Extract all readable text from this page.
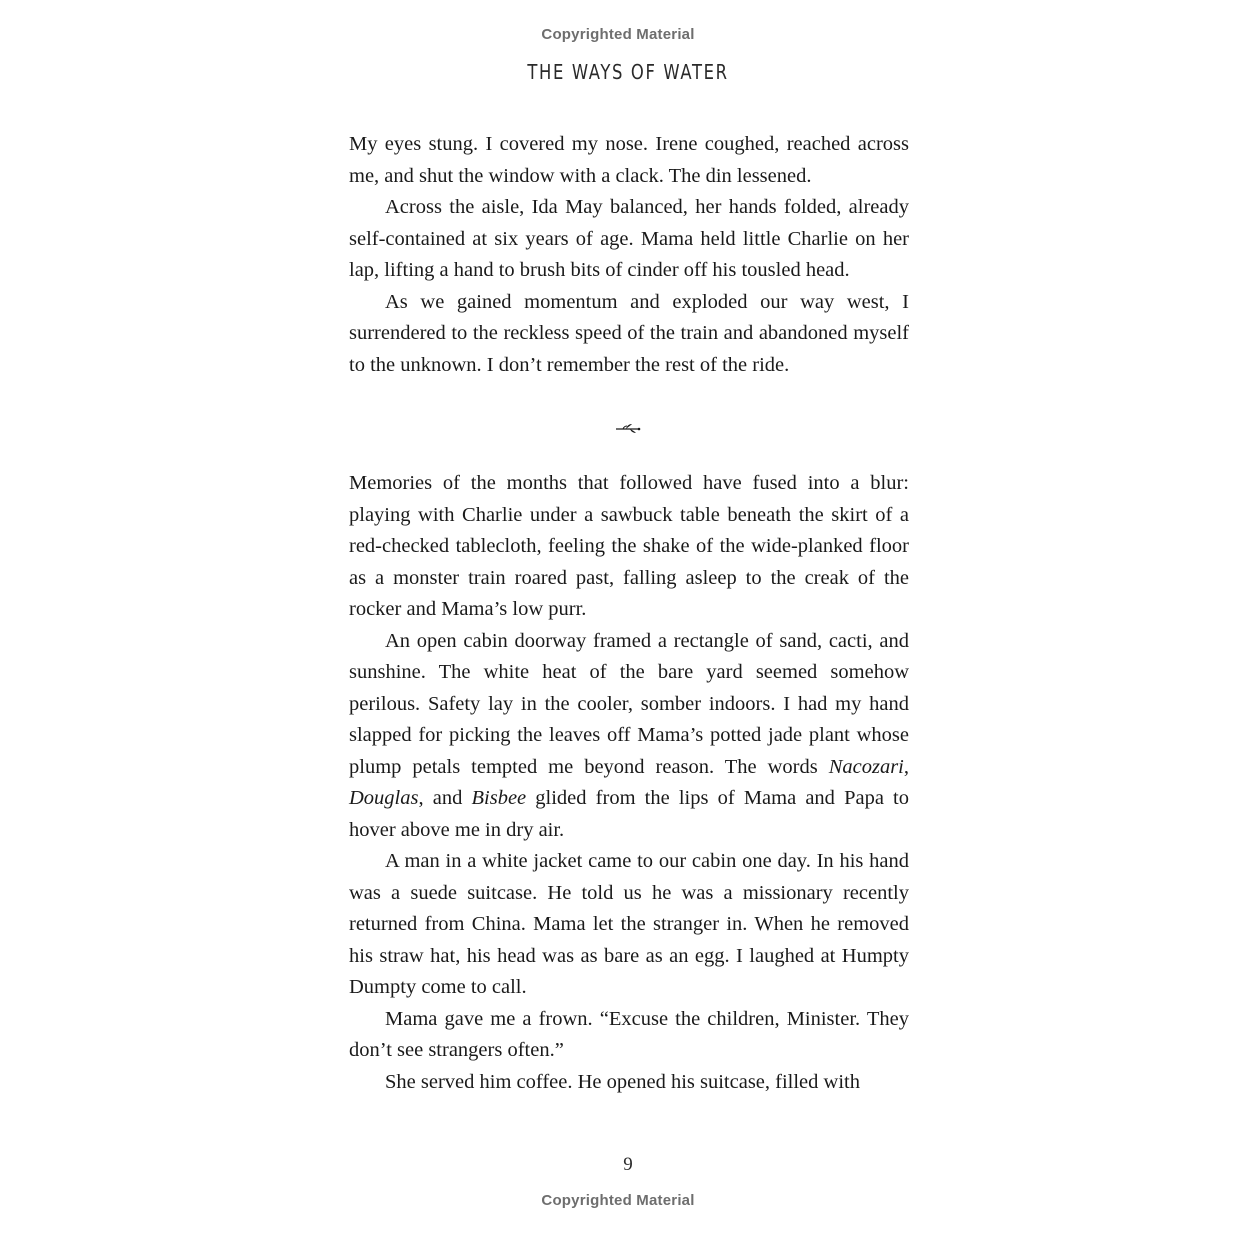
Copyrighted Material
THE WAYS OF WATER

My eyes stung. I covered my nose. Irene coughed, reached across me, and shut the window with a clack. The din lessened.

Across the aisle, Ida May balanced, her hands folded, already self-contained at six years of age. Mama held little Charlie on her lap, lifting a hand to brush bits of cinder off his tousled head.

As we gained momentum and exploded our way west, I surrendered to the reckless speed of the train and abandoned myself to the unknown. I don’t remember the rest of the ride.

Memories of the months that followed have fused into a blur: playing with Charlie under a sawbuck table beneath the skirt of a red-checked tablecloth, feeling the shake of the wide-planked floor as a monster train roared past, falling asleep to the creak of the rocker and Mama’s low purr.

An open cabin doorway framed a rectangle of sand, cacti, and sunshine. The white heat of the bare yard seemed somehow perilous. Safety lay in the cooler, somber indoors. I had my hand slapped for picking the leaves off Mama’s potted jade plant whose plump petals tempted me beyond reason. The words Nacozari, Douglas, and Bisbee glided from the lips of Mama and Papa to hover above me in dry air.

A man in a white jacket came to our cabin one day. In his hand was a suede suitcase. He told us he was a missionary recently returned from China. Mama let the stranger in. When he removed his straw hat, his head was as bare as an egg. I laughed at Humpty Dumpty come to call.

Mama gave me a frown. “Excuse the children, Minister. They don’t see strangers often.”

She served him coffee. He opened his suitcase, filled with

9
Copyrighted Material
